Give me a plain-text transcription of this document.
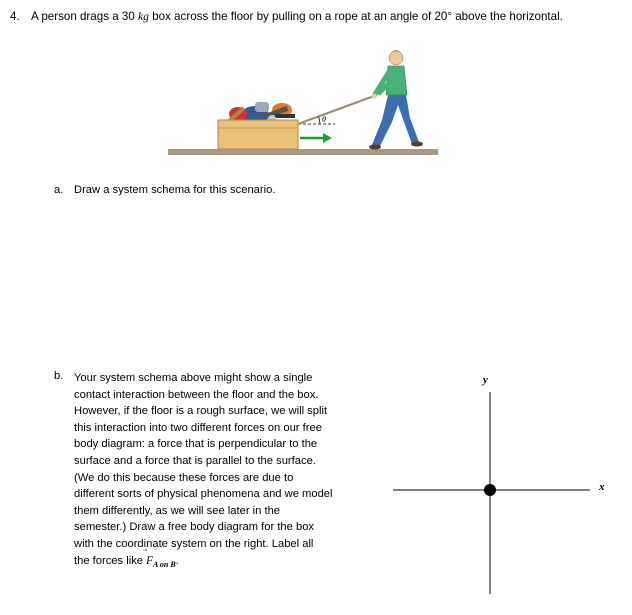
4. A person drags a 30 kg box across the floor by pulling on a rope at an angle of 20° above the horizontal.
θ
a. Draw a system schema for this scenario.
b. Your system schema above might show a single
contact interaction between the floor and the box.
However, if the floor is a rough surface, we will split
this interaction into two different forces on our free
body diagram: a force that is perpendicular to the
surface and a force that is parallel to the surface.
(We do this because these forces are due to
different sorts of physical phenomena and we model
them differently, as we will see later in the
semester.) Draw a free body diagram for the box
with the coordinate system on the right. Label all
the forces like
$F_{A on B}$.
y
x
